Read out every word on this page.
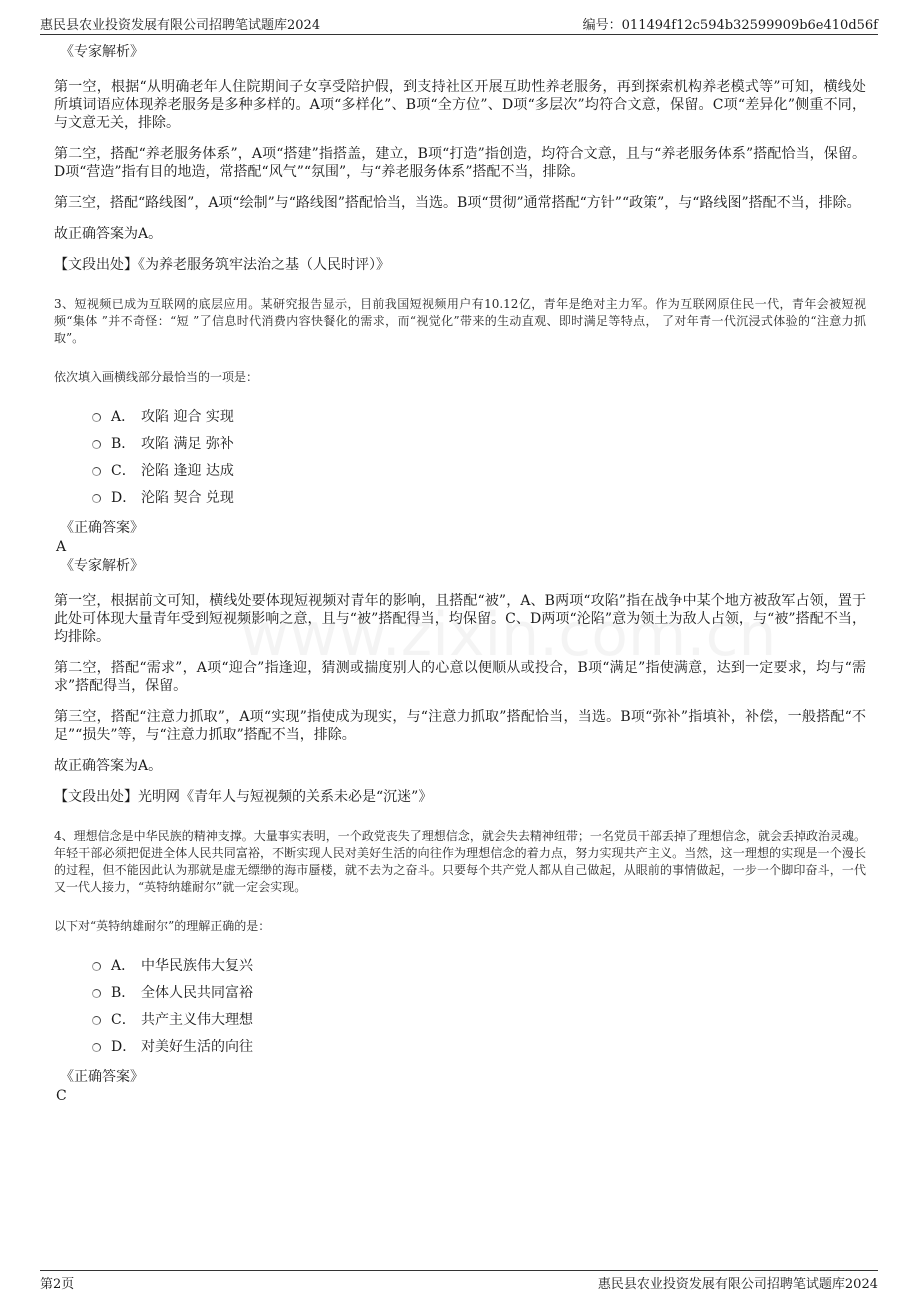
惠民县农业投资发展有限公司招聘笔试题库2024	编号：011494f12c594b32599909b6e410d56f
《专家解析》

第一空，根据“从明确老年人住院期间子女享受陪护假，到支持社区开展互助性养老服务，再到探索机构养老模式等”可知，横线处所填词语应体现养老服务是多种多样的。A项“多样化”、B项“全方位”、D项“多层次”均符合文意，保留。C项“差异化”侧重不同，与文意无关，排除。

第二空，搭配“养老服务体系”，A项“搭建”指搭盖，建立，B项“打造”指创造，均符合文意，且与“养老服务体系”搭配恰当，保留。D项“营造”指有目的地造，常搭配“风气”“氛围”，与“养老服务体系”搭配不当，排除。

第三空，搭配“路线图”，A项“绘制”与“路线图”搭配恰当，当选。B项“贯彻”通常搭配“方针”“政策”，与“路线图”搭配不当，排除。

故正确答案为A。

【文段出处】《为养老服务筑牢法治之基（人民时评）》
3、短视频已成为互联网的底层应用。某研究报告显示，目前我国短视频用户有10.12亿，青年是绝对主力军。作为互联网原住民一代，青年会被短视频“集体 ”并不奇怪：“短 ”了信息时代消费内容快餐化的需求，而“视觉化”带来的生动直观、即时满足等特点， 了对年青一代沉浸式体验的“注意力抓取”。
依次填入画横线部分最恰当的一项是：
A． 攻陷 迎合 实现
B． 攻陷 满足 弥补
C． 沦陷 逢迎 达成
D． 沦陷 契合 兑现
《正确答案》
A
《专家解析》

第一空，根据前文可知，横线处要体现短视频对青年的影响，且搭配“被”，A、B两项“攻陷”指在战争中某个地方被敌军占领，置于此处可体现大量青年受到短视频影响之意，且与“被”搭配得当，均保留。C、D两项“沦陷”意为领土为敌人占领，与“被”搭配不当，均排除。

第二空，搭配“需求”，A项“迎合”指逢迎，猜测或揣度别人的心意以便顺从或投合，B项“满足”指使满意，达到一定要求，均与“需求”搭配得当，保留。

第三空，搭配“注意力抓取”，A项“实现”指使成为现实，与“注意力抓取”搭配恰当，当选。B项“弥补”指填补，补偿，一般搭配“不足”“损失”等，与“注意力抓取”搭配不当，排除。

故正确答案为A。

【文段出处】光明网《青年人与短视频的关系未必是“沉迷”》
4、理想信念是中华民族的精神支撑。大量事实表明，一个政党丧失了理想信念，就会失去精神纽带；一名党员干部丢掉了理想信念，就会丢掉政治灵魂。年轻干部必须把促进全体人民共同富裕，不断实现人民对美好生活的向往作为理想信念的着力点，努力实现共产主义。当然，这一理想的实现是一个漫长的过程，但不能因此认为那就是虚无缥缈的海市蜃楼，就不去为之奋斗。只要每个共产党人都从自己做起，从眼前的事情做起，一步一个脚印奋斗，一代又一代人接力，“英特纳雄耐尔”就一定会实现。
以下对“英特纳雄耐尔”的理解正确的是：
A． 中华民族伟大复兴
B． 全体人民共同富裕
C． 共产主义伟大理想
D． 对美好生活的向往
《正确答案》
C
第2页	惠民县农业投资发展有限公司招聘笔试题库2024
